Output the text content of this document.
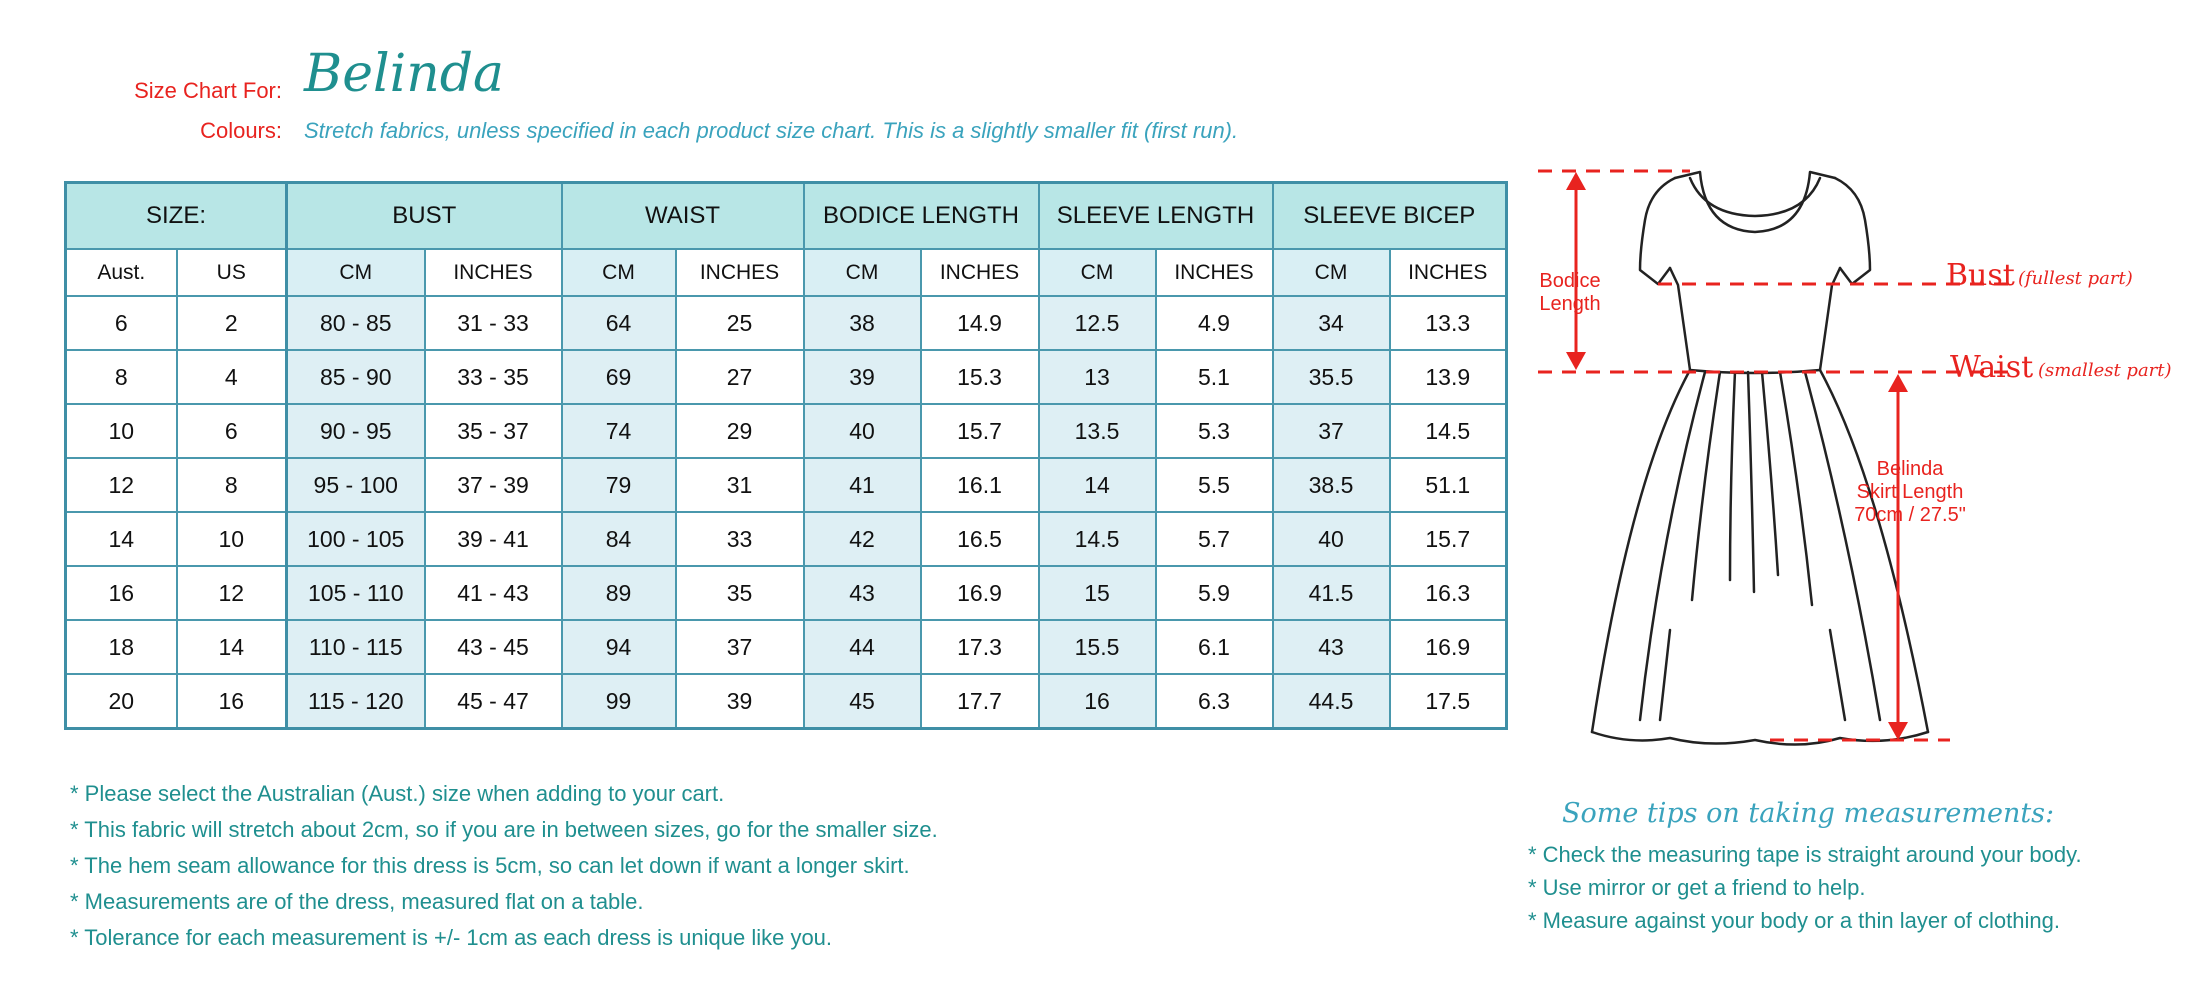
Size Chart For: Belinda
Colours: Stretch fabrics, unless specified in each product size chart. This is a slightly smaller fit (first run).
SIZE:		BUST		WAIST		BODICE LENGTH		SLEEVE LENGTH		SLEEVE BICEP	
Aust.	US	CM	INCHES	CM	INCHES	CM	INCHES	CM	INCHES	CM	INCHES
6	2	80 - 85	31 - 33	64	25	38	14.9	12.5	4.9	34	13.3
8	4	85 - 90	33 - 35	69	27	39	15.3	13	5.1	35.5	13.9
10	6	90 - 95	35 - 37	74	29	40	15.7	13.5	5.3	37	14.5
12	8	95 - 100	37 - 39	79	31	41	16.1	14	5.5	38.5	51.1
14	10	100 - 105	39 - 41	84	33	42	16.5	14.5	5.7	40	15.7
16	12	105 - 110	41 - 43	89	35	43	16.9	15	5.9	41.5	16.3
18	14	110 - 115	43 - 45	94	37	44	17.3	15.5	6.1	43	16.9
20	16	115 - 120	45 - 47	99	39	45	17.7	16	6.3	44.5	17.5
* Please select the Australian (Aust.) size when adding to your cart.
* This fabric will stretch about 2cm, so if you are in between sizes, go for the smaller size.
* The hem seam allowance for this dress is 5cm, so can let down if want a longer skirt.
* Measurements are of the dress, measured flat on a table.
* Tolerance for each measurement is +/- 1cm as each dress is unique like you.
Some tips on taking measurements:
* Check the measuring tape is straight around your body.
* Use mirror or get a friend to help.
* Measure against your body or a thin layer of clothing.
Bodice
Length
Bust (fullest part)
Waist (smallest part)
Belinda
Skirt Length
70cm / 27.5"
